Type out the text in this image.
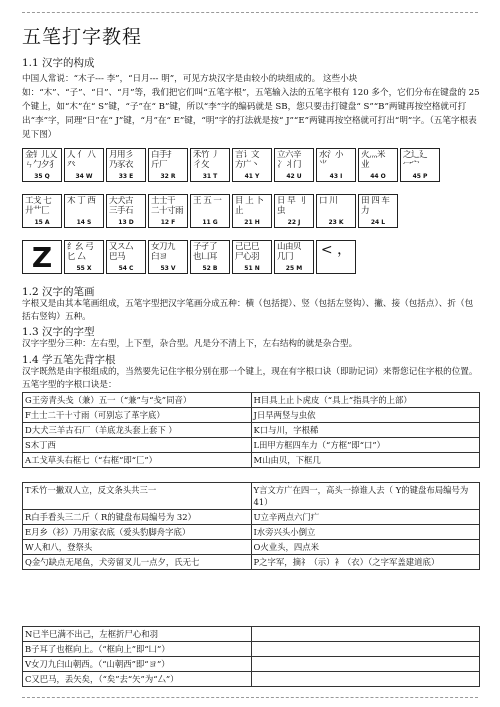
五笔打字教程
1.1 汉字的构成

中国人常说：“木子--- 李”，“日月--- 明”，可见方块汉字是由较小的块组成的。 这些小块如：“木”、“子”、“日”、“月”等，我们把它们叫“五笔字根”，五笔输入法的五笔字根有 120 多个，它们分布在键盘的 25 个键上，如“木”在“ S”键，“子”在“ B”键，所以“李”字的编码就是 SB，您只要击打键盘“ S”“B”两键再按空格就可打出“李”字，同理“日”在“ J”键，“月”在“ E”键，“明”字的打法就是按“ J”“E”两键再按空格就可打出“明”字。（五笔字根表见下图）

金钅儿乂 ㄣ勹夕犭
35 Q
人 亻 八 癶
34 W
月用彡 乃豕衣
33 E
白手扌 斤厂
32 R
禾竹 丿彳攵
31 T
言讠文 方广丶
41 Y
立六辛 冫丬门
42 U
水氵小 ⺌
43 I
火灬米 业
44 O
之辶廴 冖宀
45 P
工戈 七 廾艹匚
15 A
木 丁 西
14 S
大犬古 三手石
13 D
土士干 二十寸雨
12 F
王 五 一
11 G
目 上 卜止
21 H
日 早 刂虫
22 J
口 川
23 K
田 四 车力
24 L
Z	纟幺 弓匕 厶
55 X
又ス厶 巴马
54 C
女刀九 臼ヨ
53 V
子孑了 也凵耳
52 B
己已巳 尸心羽
51 N
山由贝 几冂
25 M
< ，
1.2 汉字的笔画

字根又是由其本笔画组成，五笔字型把汉字笔画分成五种：横（包括提）、竖（包括左竖钩）、撇、接（包括点）、折（包括右竖钩）五种。

1.3 汉字的字型

汉字字型分三种：左右型，上下型，杂合型。凡是分不清上下，左右结构的就是杂合型。

1.4 学五笔先背字根

汉字既然是由字根组成的，当然要先记住字根分别在那一个键上，现在有字根口诀（即助记词）来帮您记住字根的位置。五笔字型的字根口诀是：

G王旁青头戋（兼）五一（“兼”与“戋”同音）	H目具上止卜虎皮（“具上”指具字的上部）
F土士二干十寸雨（可别忘了革字底）	J日早两竖与虫依
D大犬三羊古石厂（羊底龙头套上套下 ）	K口与川，字根稀
S木丁西	L田甲方框四车力（“方框”即“口”）
A工戈草头右框七（“右框”即“匚”）	M山由贝，下框几
T禾竹一撇双人立，反文条头共三一	Y言文方广在四一，高头一捺谁人去（ Y的键盘布局编号为 41）
R白手看头三二斤（ R的键盘布局编号为 32）	U立辛两点六门疒
E月乡（衫）乃用家衣底（爱头豹脚舟字底）	I水旁兴头小倒立
W人和八，登祭头	O火业头，四点米
Q金勺缺点无尾鱼，犬旁留叉儿一点夕，氏无七	P之字军，摘礻（示）衤（衣）（之字军盖建道底）
N已半巳满不出己，左框折尸心和羽	
B子耳了也框向上。（“框向上”即“凵”）	
V女刀九臼山朝西。（“山朝西”即“ヨ”）	
C又巴马，丢矢矣，（“矣”去“矢”为“厶”）	
